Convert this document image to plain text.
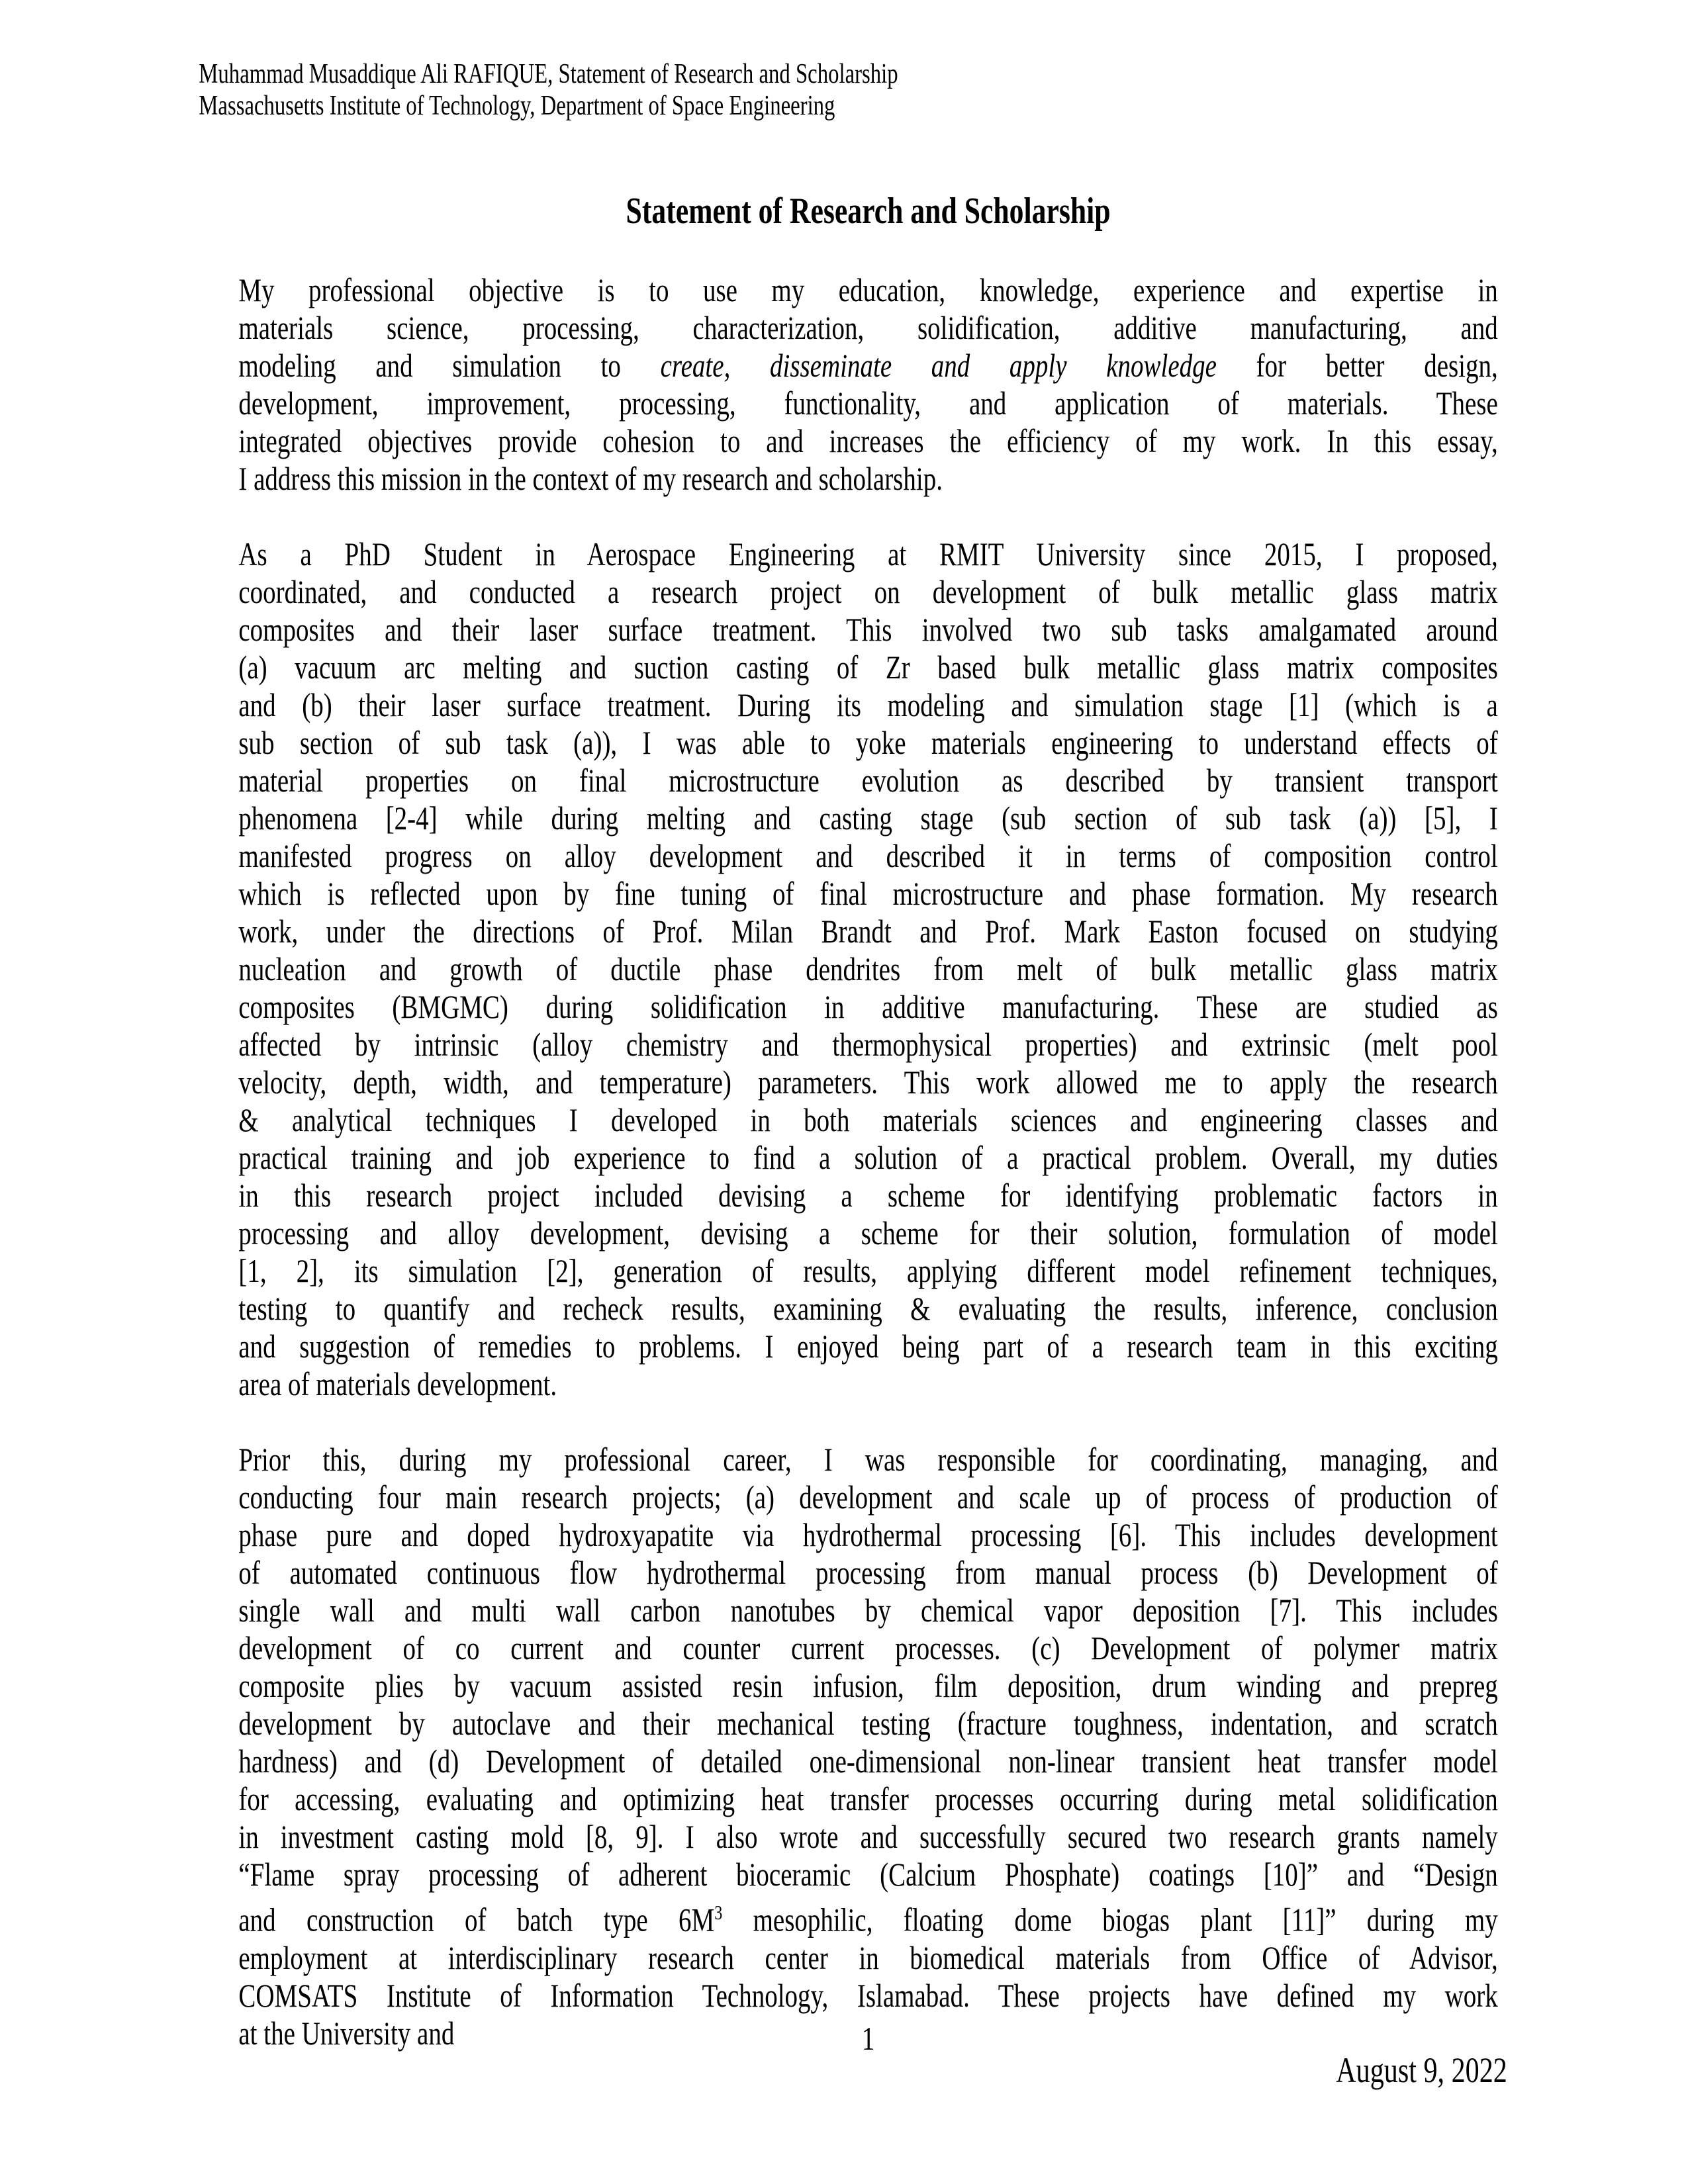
Muhammad Musaddique Ali RAFIQUE, Statement of Research and Scholarship
Massachusetts Institute of Technology, Department of Space Engineering
Statement of Research and Scholarship
My professional objective is to use my education, knowledge, experience and expertise in
materials science, processing, characterization, solidification, additive manufacturing, and
modeling and simulation to create, disseminate and apply knowledge for better design,
development, improvement, processing, functionality, and application of materials. These
integrated objectives provide cohesion to and increases the efficiency of my work. In this essay,
I address this mission in the context of my research and scholarship.
As a PhD Student in Aerospace Engineering at RMIT University since 2015, I proposed,
coordinated, and conducted a research project on development of bulk metallic glass matrix
composites and their laser surface treatment. This involved two sub tasks amalgamated around
(a) vacuum arc melting and suction casting of Zr based bulk metallic glass matrix composites
and (b) their laser surface treatment. During its modeling and simulation stage [1] (which is a
sub section of sub task (a)), I was able to yoke materials engineering to understand effects of
material properties on final microstructure evolution as described by transient transport
phenomena [2-4] while during melting and casting stage (sub section of sub task (a)) [5], I
manifested progress on alloy development and described it in terms of composition control
which is reflected upon by fine tuning of final microstructure and phase formation. My research
work, under the directions of Prof. Milan Brandt and Prof. Mark Easton focused on studying
nucleation and growth of ductile phase dendrites from melt of bulk metallic glass matrix
composites (BMGMC) during solidification in additive manufacturing. These are studied as
affected by intrinsic (alloy chemistry and thermophysical properties) and extrinsic (melt pool
velocity, depth, width, and temperature) parameters. This work allowed me to apply the research
& analytical techniques I developed in both materials sciences and engineering classes and
practical training and job experience to find a solution of a practical problem. Overall, my duties
in this research project included devising a scheme for identifying problematic factors in
processing and alloy development, devising a scheme for their solution, formulation of model
[1, 2], its simulation [2], generation of results, applying different model refinement techniques,
testing to quantify and recheck results, examining & evaluating the results, inference, conclusion
and suggestion of remedies to problems. I enjoyed being part of a research team in this exciting
area of materials development.
Prior this, during my professional career, I was responsible for coordinating, managing, and
conducting four main research projects; (a) development and scale up of process of production of
phase pure and doped hydroxyapatite via hydrothermal processing [6]. This includes development
of automated continuous flow hydrothermal processing from manual process (b) Development of
single wall and multi wall carbon nanotubes by chemical vapor deposition [7]. This includes
development of co current and counter current processes. (c) Development of polymer matrix
composite plies by vacuum assisted resin infusion, film deposition, drum winding and prepreg
development by autoclave and their mechanical testing (fracture toughness, indentation, and scratch
hardness) and (d) Development of detailed one-dimensional non-linear transient heat transfer model
for accessing, evaluating and optimizing heat transfer processes occurring during metal solidification
in investment casting mold [8, 9]. I also wrote and successfully secured two research grants namely
“Flame spray processing of adherent bioceramic (Calcium Phosphate) coatings [10]” and “Design
and construction of batch type $6M^3$ mesophilic, floating dome biogas plant [11]” during my
employment at interdisciplinary research center in biomedical materials from Office of Advisor,
COMSATS Institute of Information Technology, Islamabad. These projects have defined my work
at the University and	1
August 9, 2022
